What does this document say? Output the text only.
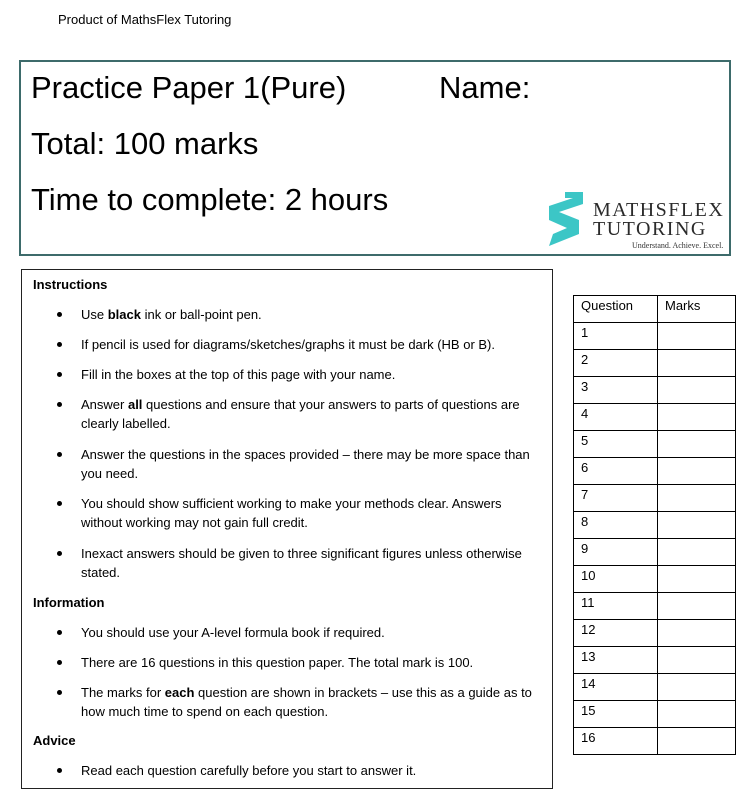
Product of MathsFlex Tutoring
Practice Paper 1(Pure)	Name:
Total: 100 marks
Time to complete: 2 hours	MATHSFLEX
TUTORING
Understand. Achieve. Excel.
Instructions
Use black ink or ball-point pen.
If pencil is used for diagrams/sketches/graphs it must be dark (HB or B).
Fill in the boxes at the top of this page with your name.
Answer all questions and ensure that your answers to parts of questions are clearly labelled.
Answer the questions in the spaces provided – there may be more space than you need.
You should show sufficient working to make your methods clear. Answers without working may not gain full credit.
Inexact answers should be given to three significant figures unless otherwise stated.
Information
You should use your A-level formula book if required.
There are 16 questions in this question paper. The total mark is 100.
The marks for each question are shown in brackets – use this as a guide as to how much time to spend on each question.
Advice
Read each question carefully before you start to answer it.
Question	Marks
1	
2	
3	
4	
5	
6	
7	
8	
9	
10	
11	
12	
13	
14	
15	
16	
